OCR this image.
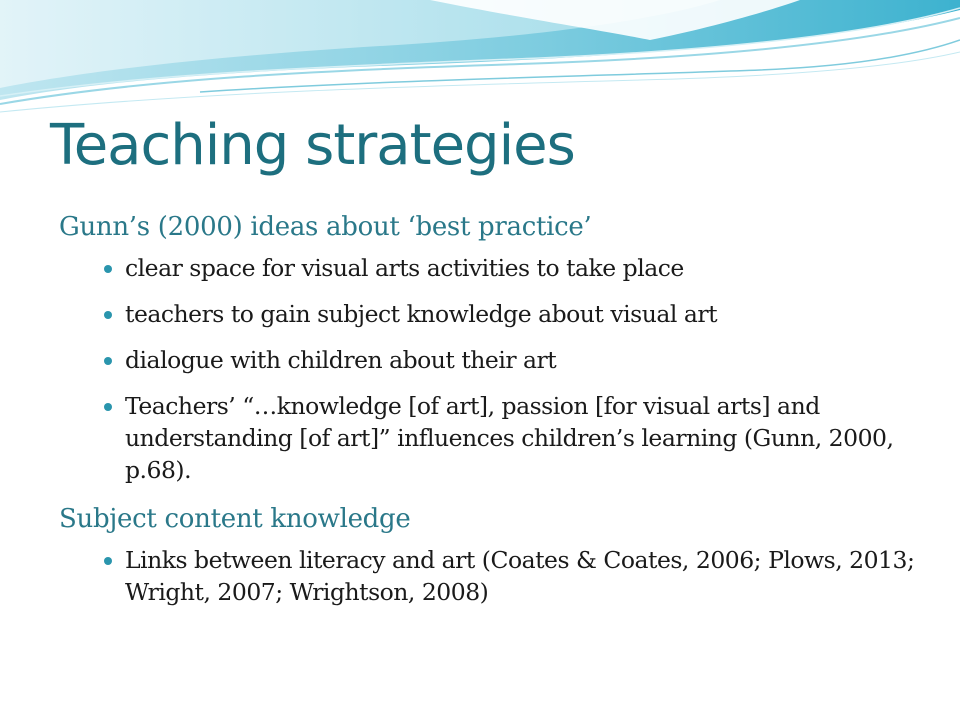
Teaching strategies

Gunn’s (2000) ideas about ‘best practice’

clear space for visual arts activities to take place
teachers to gain subject knowledge about visual art
dialogue with children about their art
Teachers’ “…knowledge [of art], passion [for visual arts] and understanding [of art]” influences children’s learning (Gunn, 2000, p.68).

Subject content knowledge

Links between literacy and art (Coates & Coates, 2006; Plows, 2013; Wright, 2007; Wrightson, 2008)
